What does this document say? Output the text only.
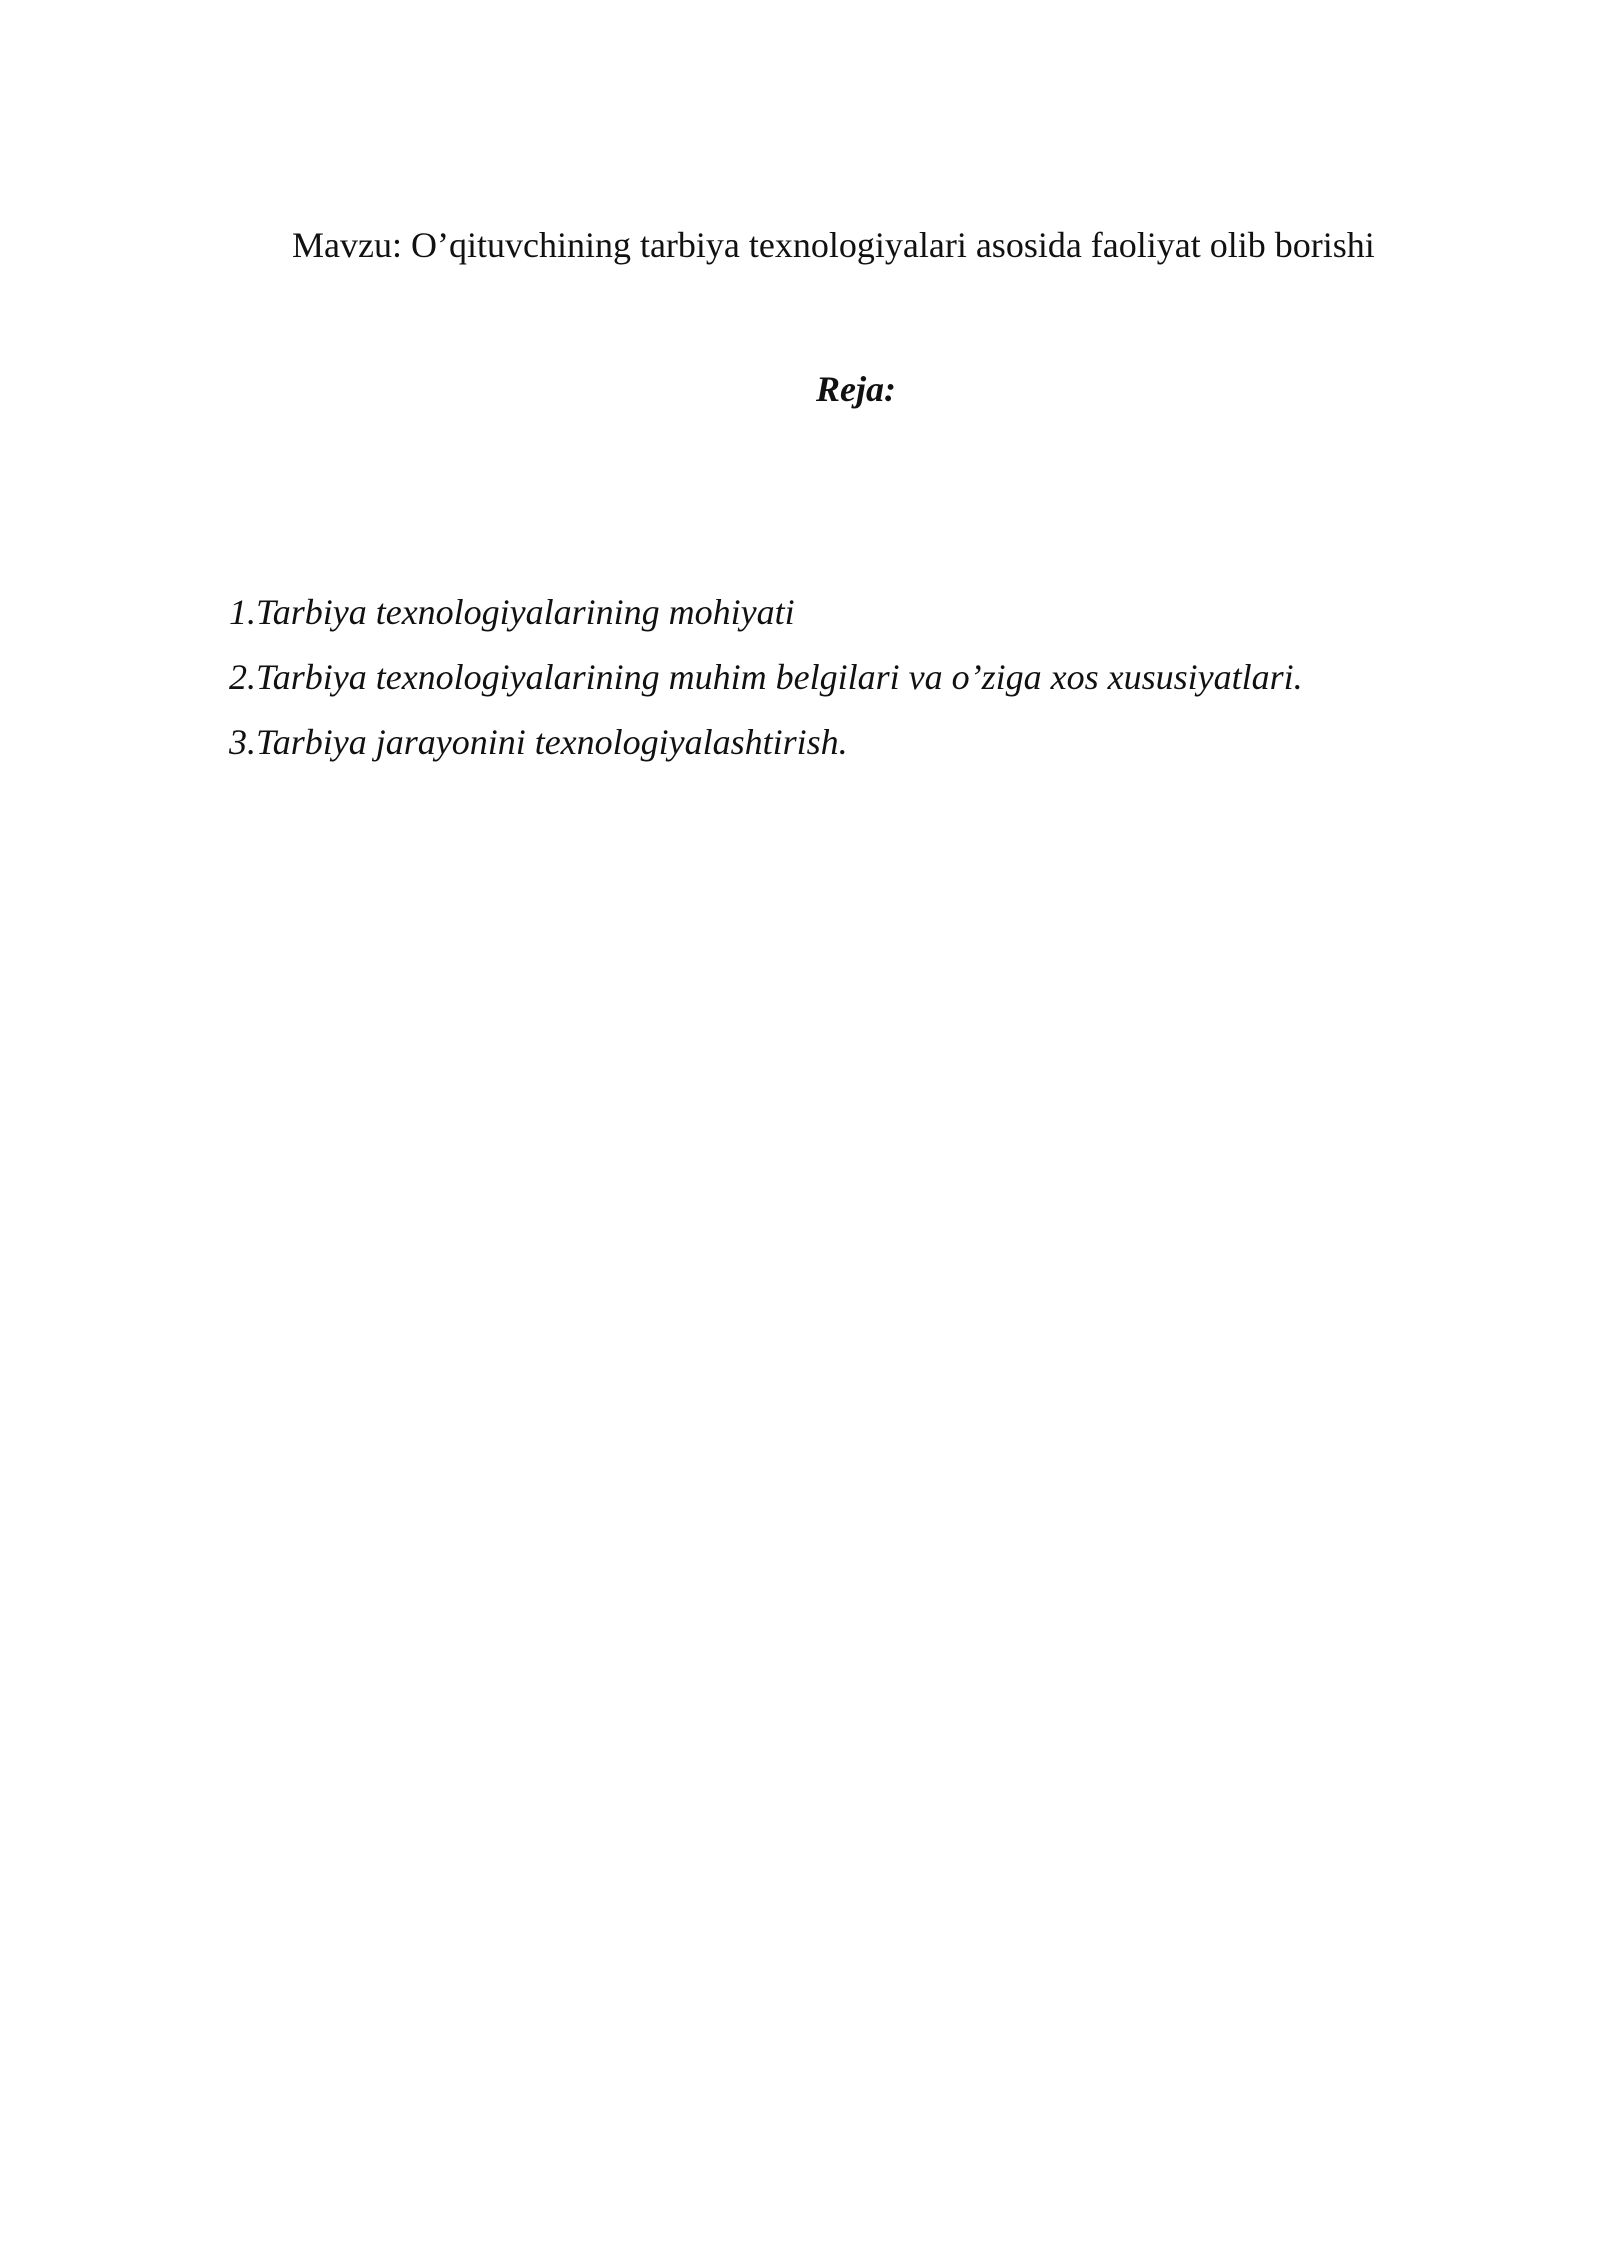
Mavzu: O’qituvchining tarbiya texnologiyalari asosida faoliyat olib borishi
Reja:
1.Tarbiya texnologiyalarining mohiyati
2.Tarbiya texnologiyalarining muhim belgilari va o’ziga xos xususiyatlari.
3.Tarbiya jarayonini texnologiyalashtirish.
